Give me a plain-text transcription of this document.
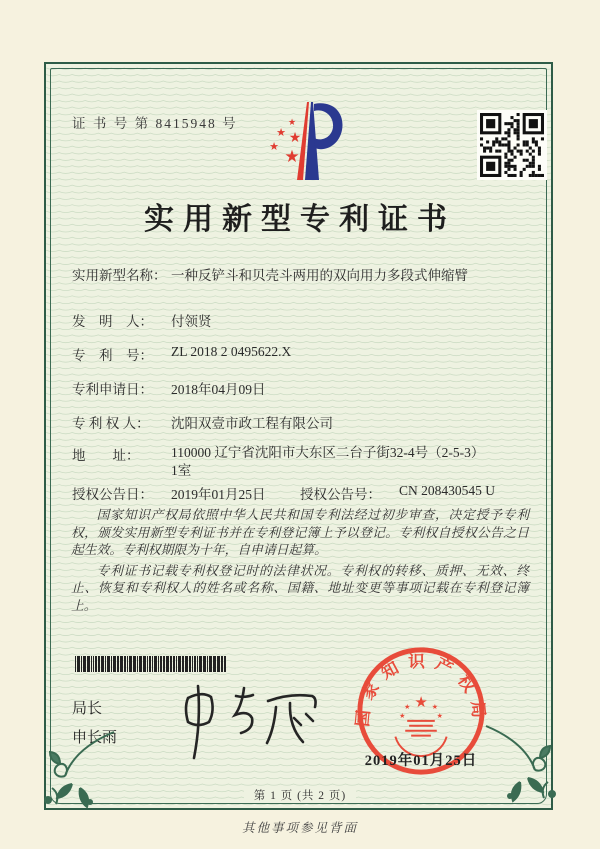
证 书 号 第 8415948 号	★
★ ★
★ ★
实用新型专利证书
实用新型名称： 一种反铲斗和贝壳斗两用的双向用力多段式伸缩臂
发　明　人： 付领贤
专　利　号： ZL 2018 2 0495622.X
专利申请日： 2018年04月09日
专 利 权 人： 沈阳双壹市政工程有限公司
地　　址： 110000 辽宁省沈阳市大东区二台子街32-4号（2-5-3）1室
授权公告日： 2019年01月25日	授权公告号： CN 208430545 U

国家知识产权局依照中华人民共和国专利法经过初步审查，决定授予专利权，颁发实用新型专利证书并在专利登记簿上予以登记。专利权自授权公告之日起生效。专利权期限为十年，自申请日起算。

专利证书记载专利权登记时的法律状况。专利权的转移、质押、无效、终止、恢复和专利权人的姓名或名称、国籍、地址变更等事项记载在专利登记簿上。

局长
申长雨
国家知识产权局
★
★	★
★	★
2019年01月25日
第 1 页 (共 2 页)
其他事项参见背面
